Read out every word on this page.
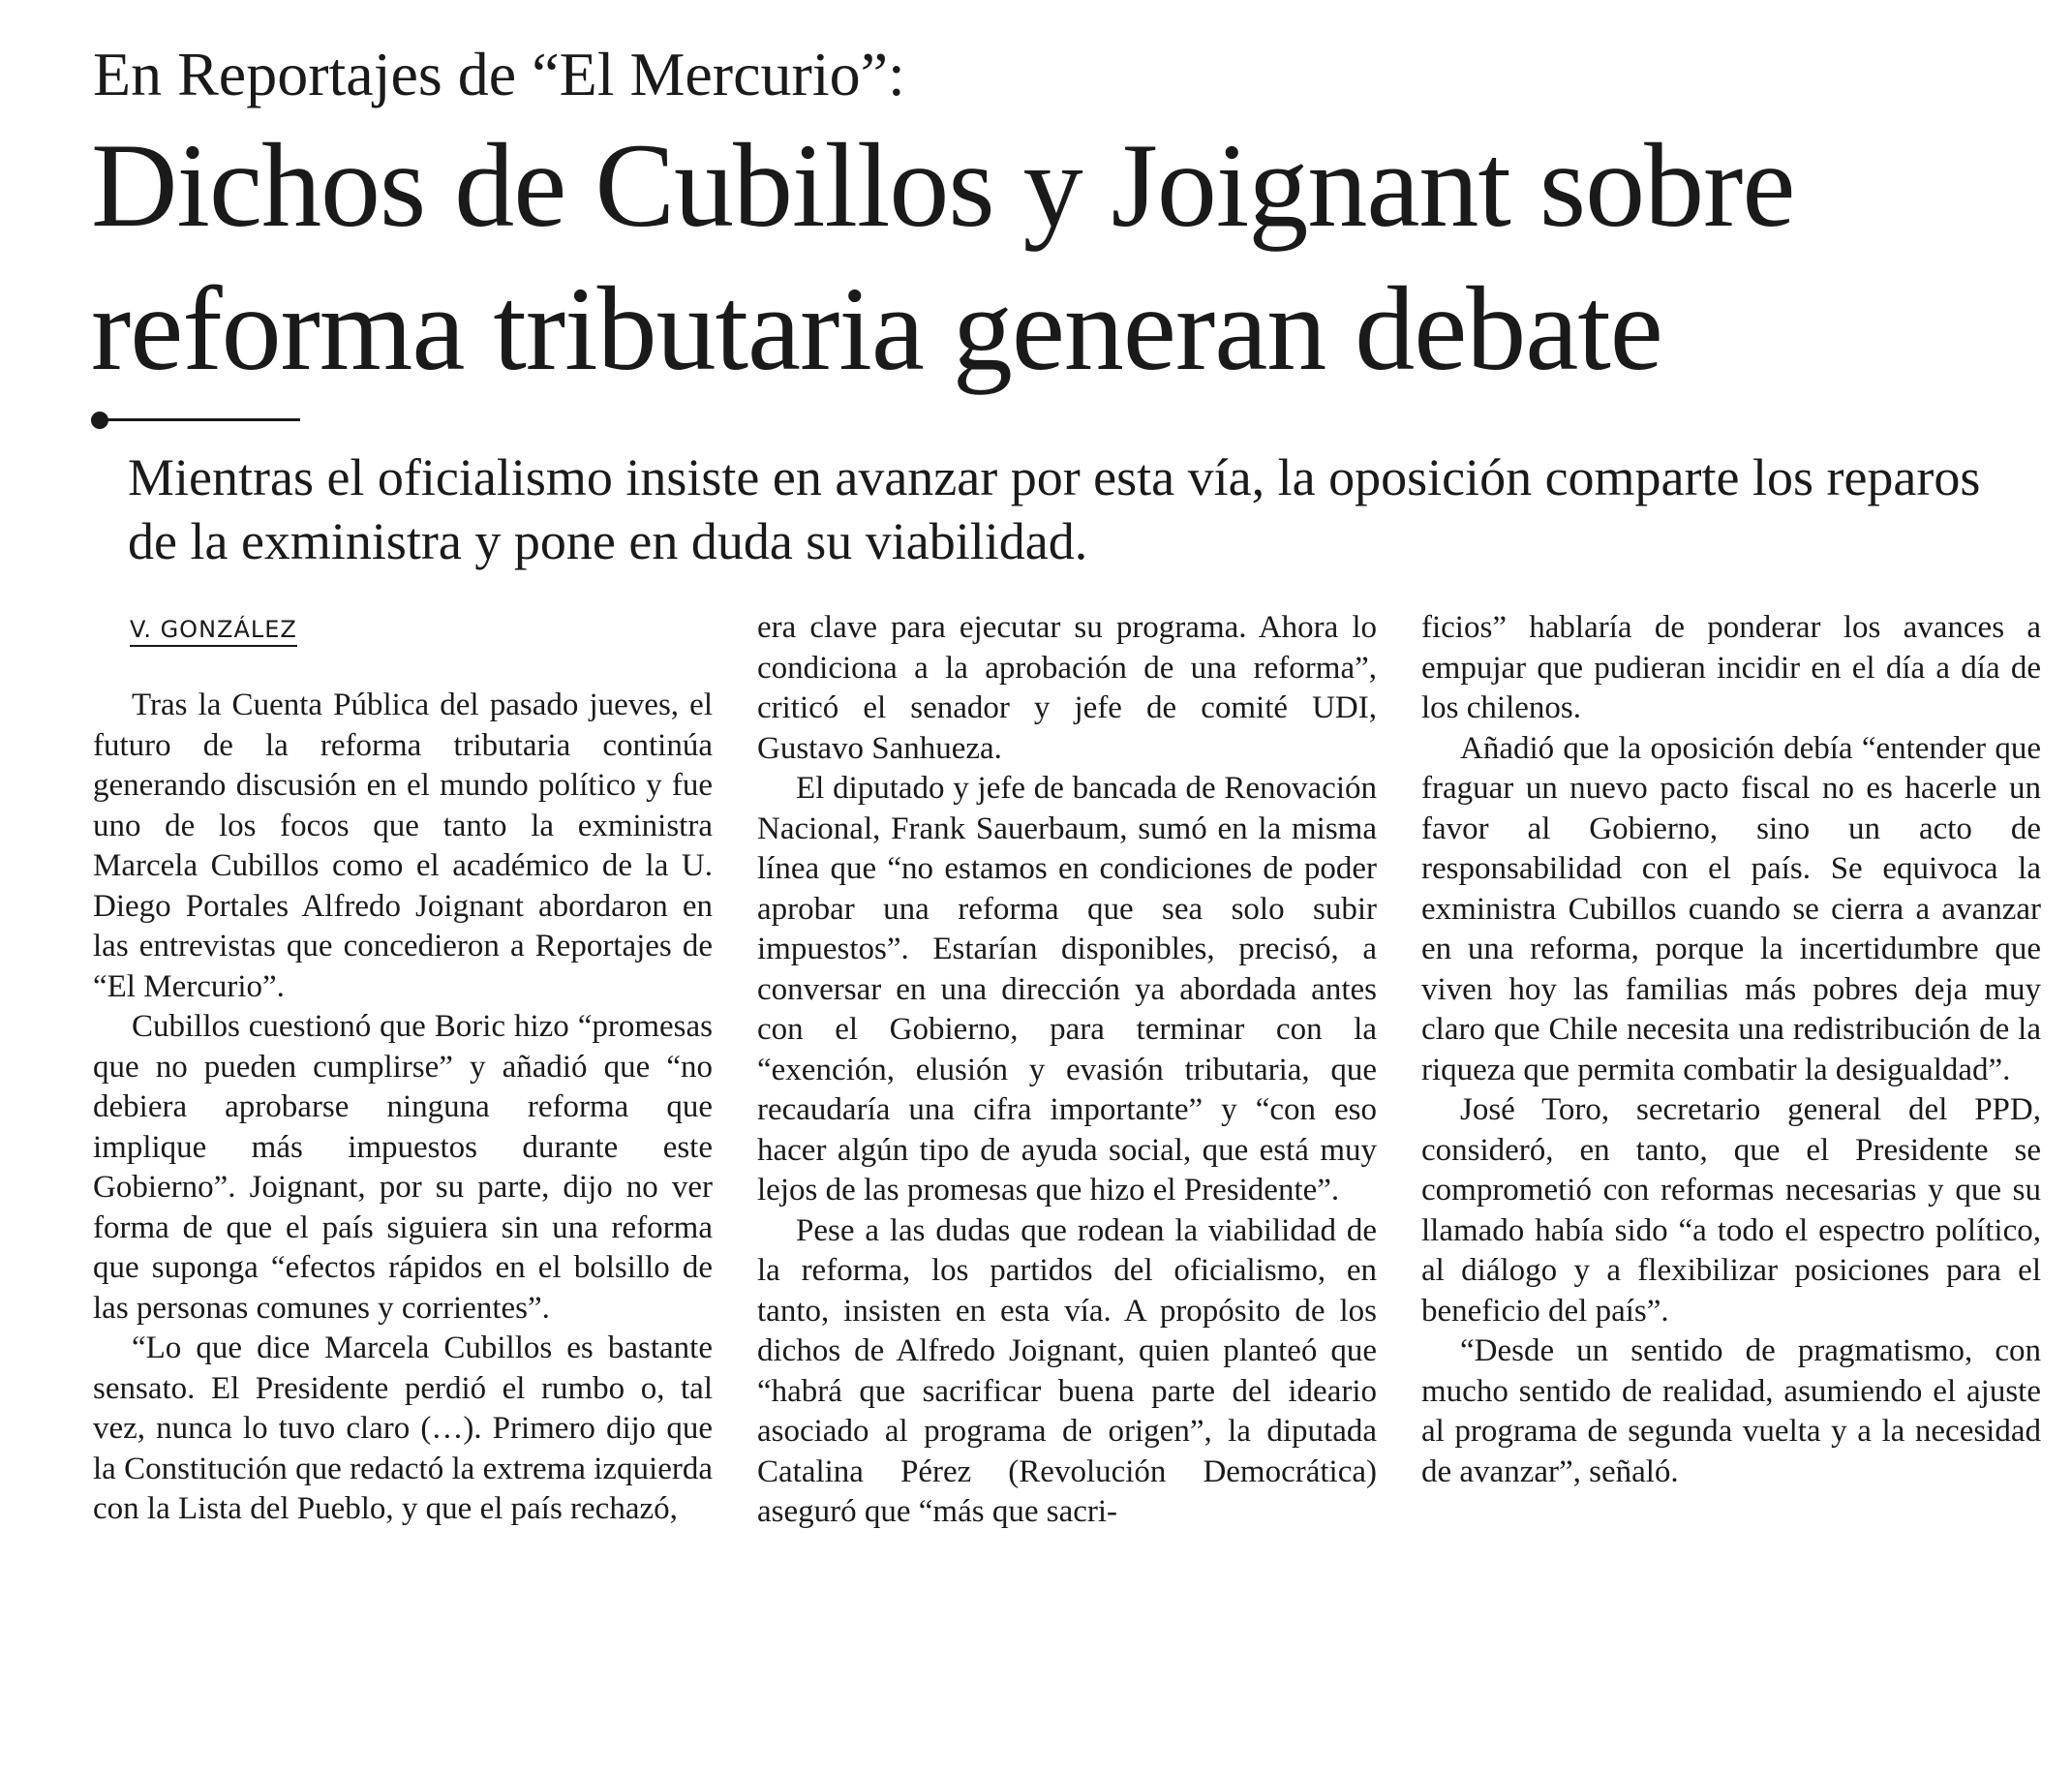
En Reportajes de “El Mercurio”:
Dichos de Cubillos y Joignant sobre reforma tributaria generan debate
Mientras el oficialismo insiste en avanzar por esta vía, la oposición comparte los reparos de la exministra y pone en duda su viabilidad.
V. GONZÁLEZ

Tras la Cuenta Pública del pasado jueves, el futuro de la reforma tributaria continúa generando discusión en el mundo político y fue uno de los focos que tanto la exministra Marcela Cubillos como el académico de la U. Diego Portales Alfredo Joignant abordaron en las entrevistas que concedieron a Reportajes de “El Mercurio”.

Cubillos cuestionó que Boric hizo “promesas que no pueden cumplirse” y añadió que “no debiera aprobarse ninguna reforma que implique más impuestos durante este Gobierno”. Joignant, por su parte, dijo no ver forma de que el país siguiera sin una reforma que suponga “efectos rápidos en el bolsillo de las personas comunes y corrientes”.

“Lo que dice Marcela Cubillos es bastante sensato. El Presidente perdió el rumbo o, tal vez, nunca lo tuvo claro (…). Primero dijo que la Constitución que redactó la extrema izquierda con la Lista del Pueblo, y que el país rechazó,

era clave para ejecutar su programa. Ahora lo condiciona a la aprobación de una reforma”, criticó el senador y jefe de comité UDI, Gustavo Sanhueza.

El diputado y jefe de bancada de Renovación Nacional, Frank Sauerbaum, sumó en la misma línea que “no estamos en condiciones de poder aprobar una reforma que sea solo subir impuestos”. Estarían disponibles, precisó, a conversar en una dirección ya abordada antes con el Gobierno, para terminar con la “exención, elusión y evasión tributaria, que recaudaría una cifra importante” y “con eso hacer algún tipo de ayuda social, que está muy lejos de las promesas que hizo el Presidente”.

Pese a las dudas que rodean la viabilidad de la reforma, los partidos del oficialismo, en tanto, insisten en esta vía. A propósito de los dichos de Alfredo Joignant, quien planteó que “habrá que sacrificar buena parte del ideario asociado al programa de origen”, la diputada Catalina Pérez (Revolución Democrática) aseguró que “más que sacri-

ficios” hablaría de ponderar los avances a empujar que pudieran incidir en el día a día de los chilenos.

Añadió que la oposición debía “entender que fraguar un nuevo pacto fiscal no es hacerle un favor al Gobierno, sino un acto de responsabilidad con el país. Se equivoca la exministra Cubillos cuando se cierra a avanzar en una reforma, porque la incertidumbre que viven hoy las familias más pobres deja muy claro que Chile necesita una redistribución de la riqueza que permita combatir la desigualdad”.

José Toro, secretario general del PPD, consideró, en tanto, que el Presidente se comprometió con reformas necesarias y que su llamado había sido “a todo el espectro político, al diálogo y a flexibilizar posiciones para el beneficio del país”.

“Desde un sentido de pragmatismo, con mucho sentido de realidad, asumiendo el ajuste al programa de segunda vuelta y a la necesidad de avanzar”, señaló.
